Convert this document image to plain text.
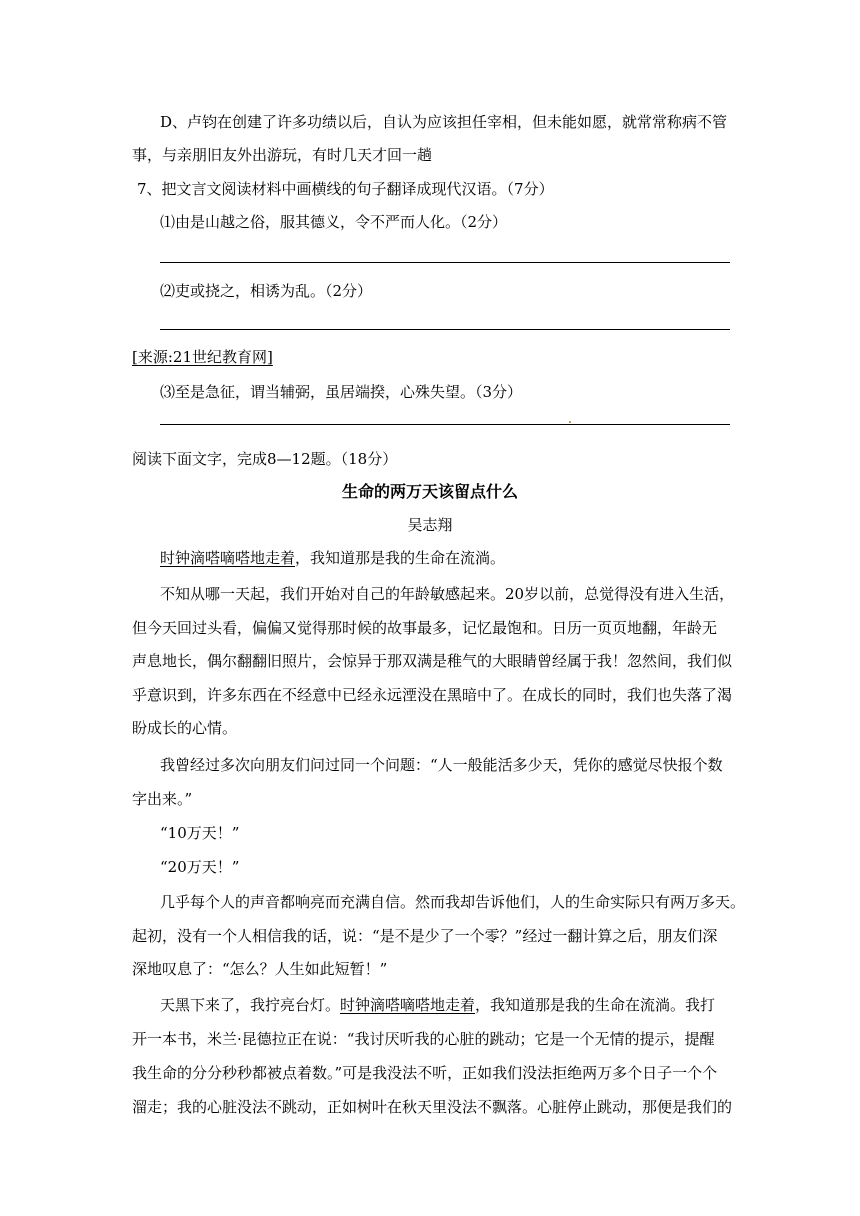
D、卢钧在创建了许多功绩以后，自认为应该担任宰相，但未能如愿，就常常称病不管

事，与亲朋旧友外出游玩，有时几天才回一趟

7、把文言文阅读材料中画横线的句子翻译成现代汉语。（7分）

⑴由是山越之俗，服其德义，令不严而人化。（2分）

⑵吏或挠之，相诱为乱。（2分）

[来源:21世纪教育网]

⑶至是急征，谓当辅弼，虽居端揆，心殊失望。（3分）

阅读下面文字，完成8—12题。（18分）

生命的两万天该留点什么
吴志翔

时钟滴嗒嘀嗒地走着，我知道那是我的生命在流淌。

不知从哪一天起，我们开始对自己的年龄敏感起来。20岁以前，总觉得没有进入生活，

但今天回过头看，偏偏又觉得那时候的故事最多，记忆最饱和。日历一页页地翻，年龄无

声息地长，偶尔翻翻旧照片，会惊异于那双满是稚气的大眼睛曾经属于我！忽然间，我们似

乎意识到，许多东西在不经意中已经永远湮没在黑暗中了。在成长的同时，我们也失落了渴

盼成长的心情。

我曾经过多次向朋友们问过同一个问题：“人一般能活多少天，凭你的感觉尽快报个数

字出来。”

“10万天！”

“20万天！”

几乎每个人的声音都响亮而充满自信。然而我却告诉他们，人的生命实际只有两万多天。

起初，没有一个人相信我的话，说：“是不是少了一个零？”经过一翻计算之后，朋友们深

深地叹息了：“怎么？人生如此短暂！”

天黑下来了，我拧亮台灯。时钟滴嗒嘀嗒地走着，我知道那是我的生命在流淌。我打

开一本书，米兰·昆德拉正在说：“我讨厌听我的心脏的跳动；它是一个无情的提示，提醒

我生命的分分秒秒都被点着数。”可是我没法不听，正如我们没法拒绝两万多个日子一个个

溜走；我的心脏没法不跳动，正如树叶在秋天里没法不飘落。心脏停止跳动，那便是我们的
